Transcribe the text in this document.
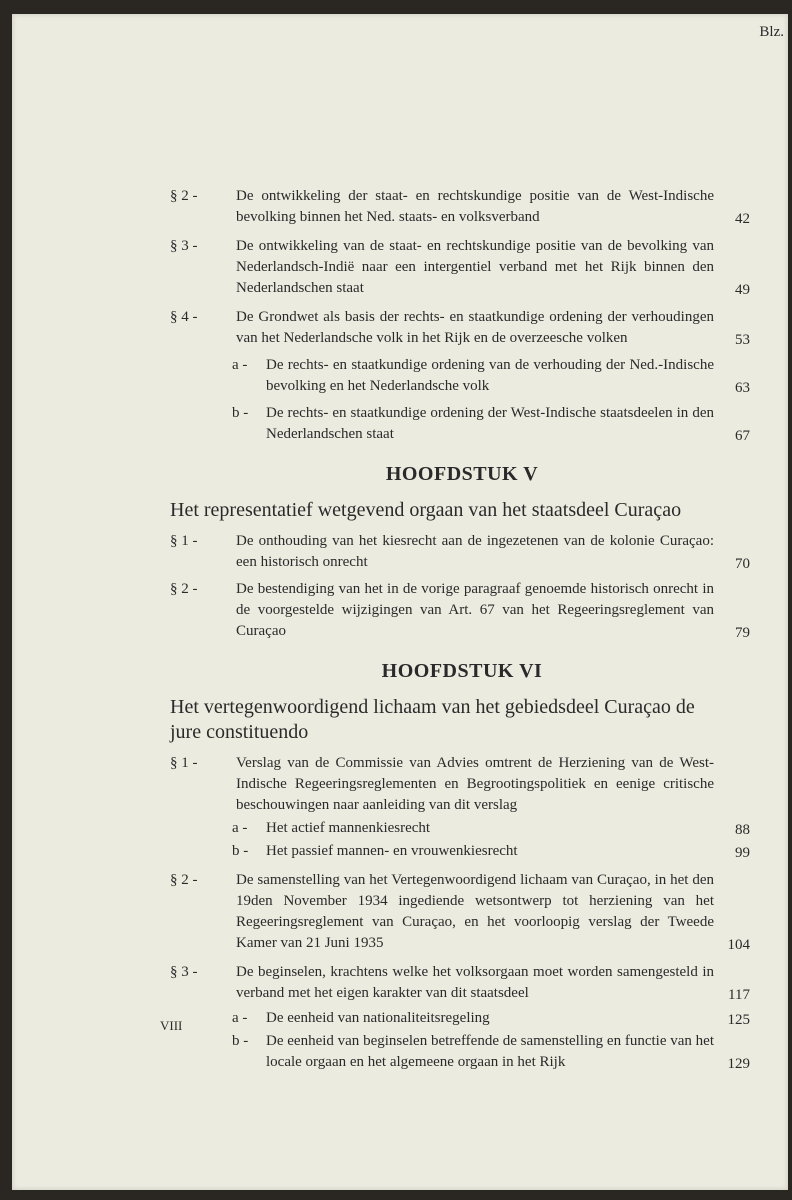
Blz.
§ 2 -	De ontwikkeling der staat- en rechtskundige positie van de West-Indische bevolking binnen het Ned. staats- en volksverband	42
§ 3 -	De ontwikkeling van de staat- en rechtskundige positie van de bevolking van Nederlandsch-Indië naar een intergentiel verband met het Rijk binnen den Nederlandschen staat	49
§ 4 -	De Grondwet als basis der rechts- en staatkundige ordening der verhoudingen van het Nederlandsche volk in het Rijk en de overzeesche volken	53
a - De rechts- en staatkundige ordening van de verhouding der Ned.-Indische bevolking en het Nederlandsche volk	63
b - De rechts- en staatkundige ordening der West-Indische staatsdeelen in den Nederlandschen staat	67
HOOFDSTUK V
Het representatief wetgevend orgaan van het staatsdeel Curaçao
§ 1 -	De onthouding van het kiesrecht aan de ingezetenen van de kolonie Curaçao: een historisch onrecht	70
§ 2 -	De bestendiging van het in de vorige paragraaf genoemde historisch onrecht in de voorgestelde wijzigingen van Art. 67 van het Regeeringsreglement van Curaçao	79
HOOFDSTUK VI
Het vertegenwoordigend lichaam van het gebiedsdeel Curaçao de jure constituendo
§ 1 -	Verslag van de Commissie van Advies omtrent de Herziening van de West-Indische Regeeringsreglementen en Begrootingspolitiek en eenige critische beschouwingen naar aanleiding van dit verslag
a - Het actief mannenkiesrecht	88
b - Het passief mannen- en vrouwenkiesrecht	99
§ 2 -	De samenstelling van het Vertegenwoordigend lichaam van Curaçao, in het den 19den November 1934 ingediende wetsontwerp tot herziening van het Regeeringsreglement van Curaçao, en het voorloopig verslag der Tweede Kamer van 21 Juni 1935	104
§ 3 -	De beginselen, krachtens welke het volksorgaan moet worden samengesteld in verband met het eigen karakter van dit staatsdeel	117
a - De eenheid van nationaliteitsregeling	125
b - De eenheid van beginselen betreffende de samenstelling en functie van het locale orgaan en het algemeene orgaan in het Rijk	129
VIII
